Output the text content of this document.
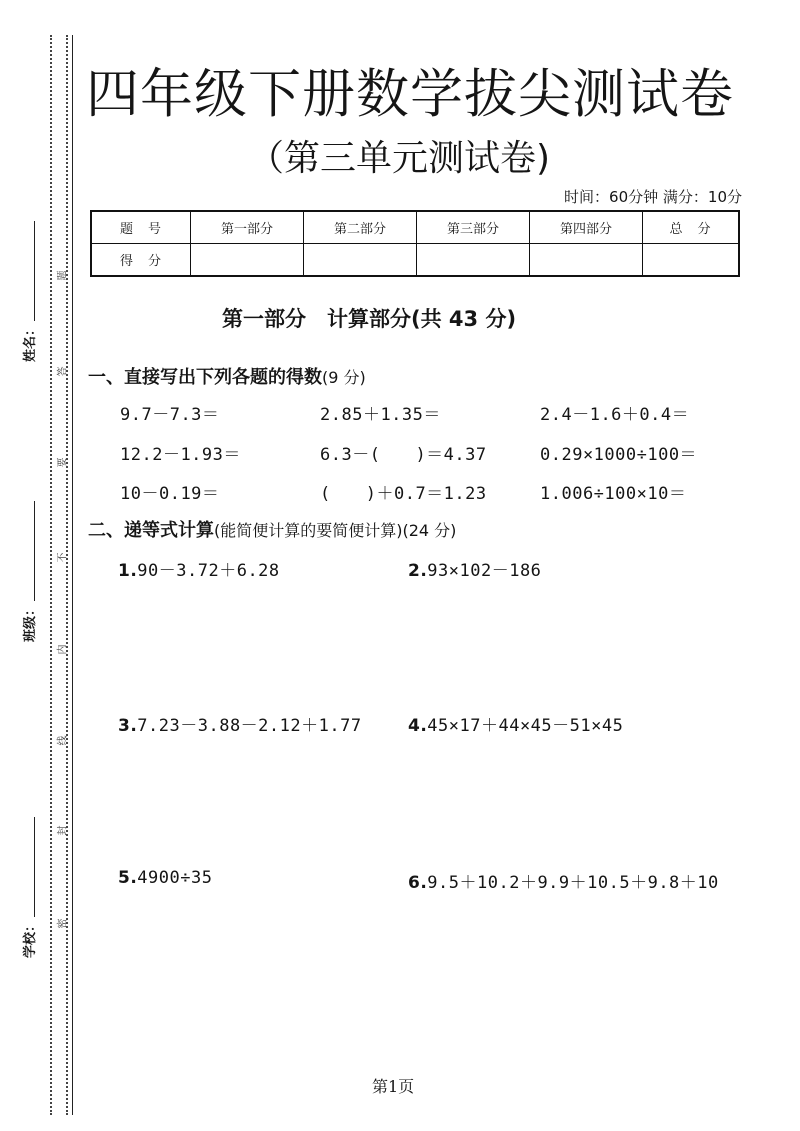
姓名：
班级：
学校：
题
答
要
不
内
线
封
密
四年级下册数学拔尖测试卷
（第三单元测试卷)
时间：60分钟 满分：10分
题　号	第一部分	第二部分	第三部分	第四部分	总　分
得　分					
第一部分　计算部分(共 43 分)
一、直接写出下列各题的得数(9 分)
9.7－7.3＝	2.85＋1.35＝	2.4－1.6＋0.4＝
12.2－1.93＝	6.3－(　　)＝4.37	0.29×1000÷100＝
10－0.19＝	(　　)＋0.7＝1.23	1.006÷100×10＝
二、递等式计算(能简便计算的要简便计算)(24 分)
1.90－3.72＋6.28	2.93×102－186
3.7.23－3.88－2.12＋1.77	4.45×17＋44×45－51×45
5.4900÷35	6.9.5＋10.2＋9.9＋10.5＋9.8＋10
第1页
